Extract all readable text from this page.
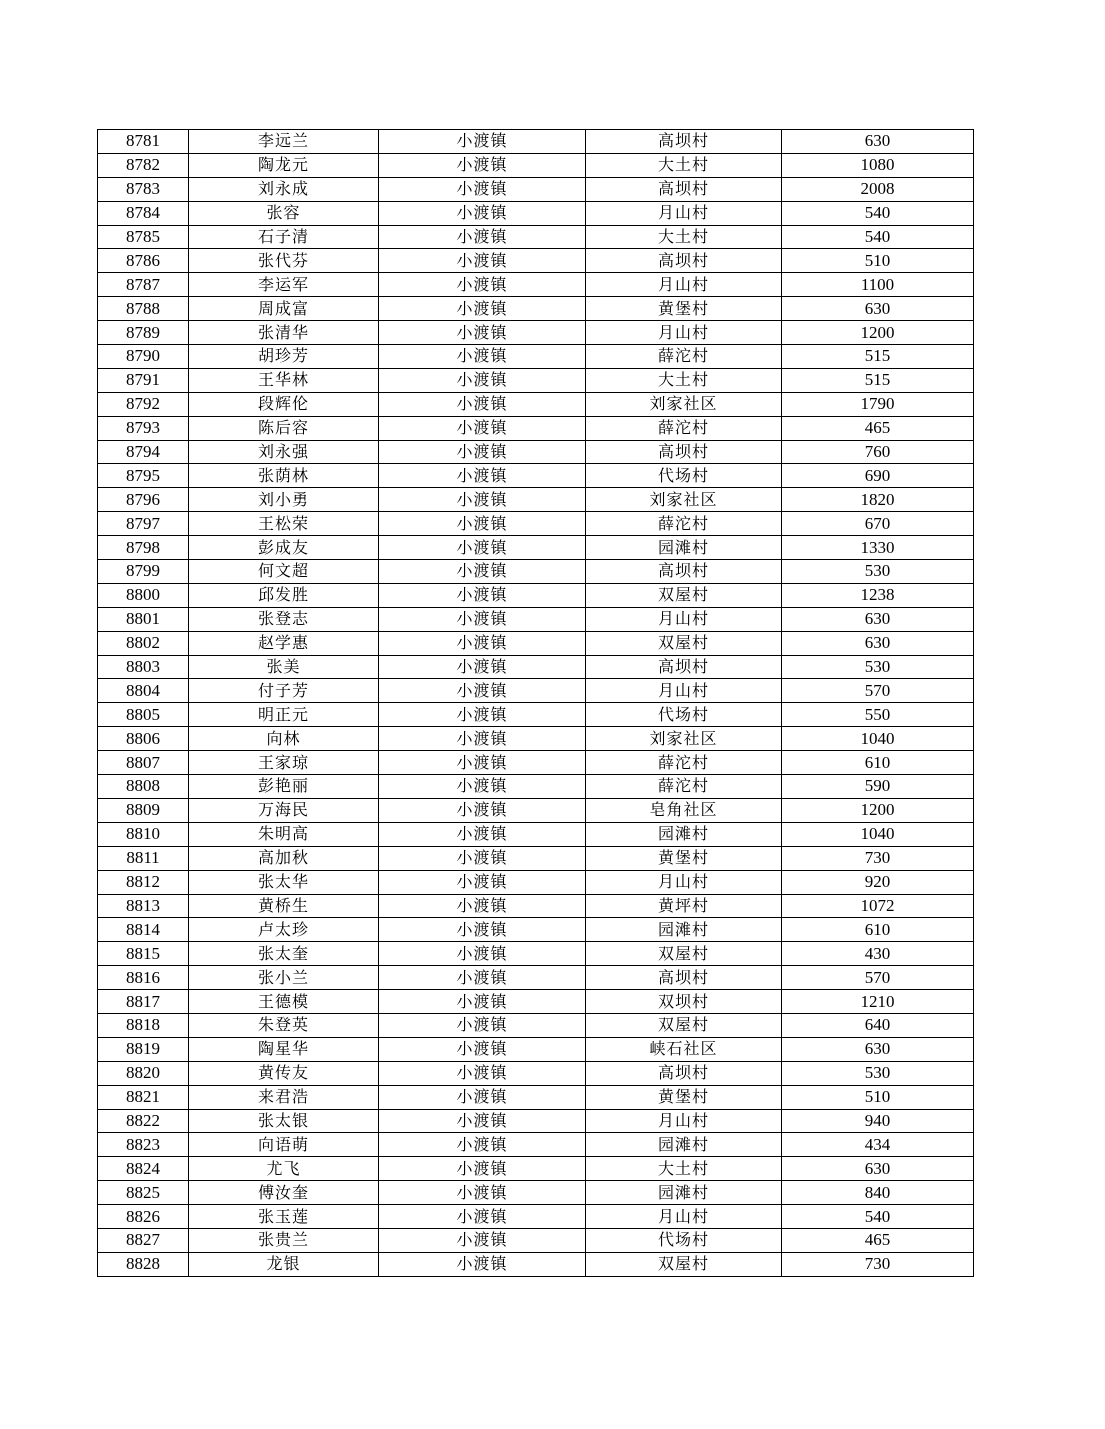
8781	李远兰	小渡镇	高坝村	630
8782	陶龙元	小渡镇	大土村	1080
8783	刘永成	小渡镇	高坝村	2008
8784	张容	小渡镇	月山村	540
8785	石子清	小渡镇	大土村	540
8786	张代芬	小渡镇	高坝村	510
8787	李运军	小渡镇	月山村	1100
8788	周成富	小渡镇	黄堡村	630
8789	张清华	小渡镇	月山村	1200
8790	胡珍芳	小渡镇	薛沱村	515
8791	王华林	小渡镇	大土村	515
8792	段辉伦	小渡镇	刘家社区	1790
8793	陈后容	小渡镇	薛沱村	465
8794	刘永强	小渡镇	高坝村	760
8795	张荫林	小渡镇	代场村	690
8796	刘小勇	小渡镇	刘家社区	1820
8797	王松荣	小渡镇	薛沱村	670
8798	彭成友	小渡镇	园滩村	1330
8799	何文超	小渡镇	高坝村	530
8800	邱发胜	小渡镇	双屋村	1238
8801	张登志	小渡镇	月山村	630
8802	赵学惠	小渡镇	双屋村	630
8803	张美	小渡镇	高坝村	530
8804	付子芳	小渡镇	月山村	570
8805	明正元	小渡镇	代场村	550
8806	向林	小渡镇	刘家社区	1040
8807	王家琼	小渡镇	薛沱村	610
8808	彭艳丽	小渡镇	薛沱村	590
8809	万海民	小渡镇	皂角社区	1200
8810	朱明高	小渡镇	园滩村	1040
8811	高加秋	小渡镇	黄堡村	730
8812	张太华	小渡镇	月山村	920
8813	黄桥生	小渡镇	黄坪村	1072
8814	卢太珍	小渡镇	园滩村	610
8815	张太奎	小渡镇	双屋村	430
8816	张小兰	小渡镇	高坝村	570
8817	王德模	小渡镇	双坝村	1210
8818	朱登英	小渡镇	双屋村	640
8819	陶星华	小渡镇	峡石社区	630
8820	黄传友	小渡镇	高坝村	530
8821	来君浩	小渡镇	黄堡村	510
8822	张太银	小渡镇	月山村	940
8823	向语萌	小渡镇	园滩村	434
8824	尤飞	小渡镇	大土村	630
8825	傅汝奎	小渡镇	园滩村	840
8826	张玉莲	小渡镇	月山村	540
8827	张贵兰	小渡镇	代场村	465
8828	龙银	小渡镇	双屋村	730
